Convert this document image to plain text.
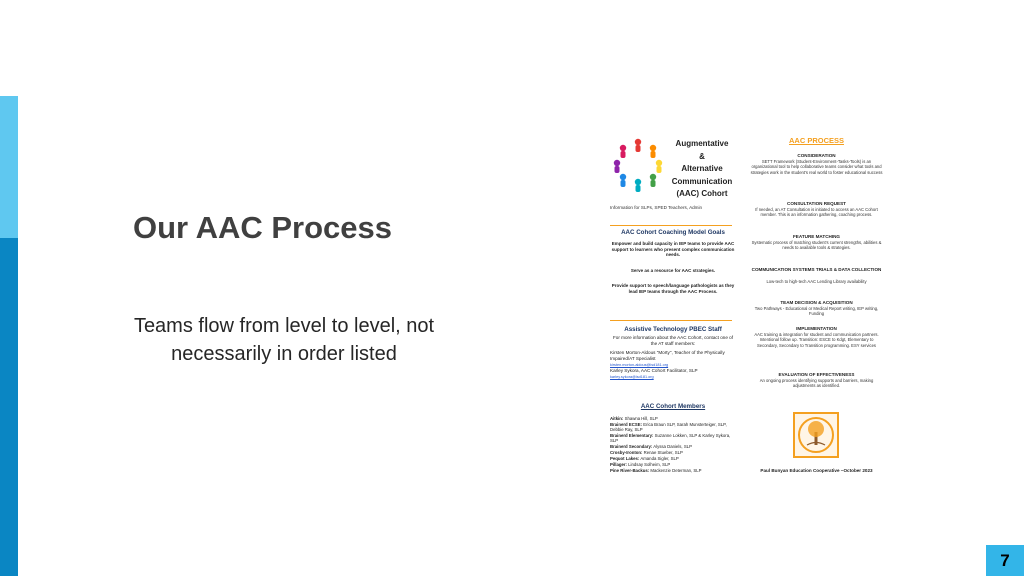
Our AAC Process

Teams flow from level to level, not necessarily in order listed

Augmentative
&
Alternative
Communication
(AAC) Cohort
Information for SLPs, SPED Teachers, Admin
AAC Cohort Coaching Model Goals
Empower and build capacity in IEP teams to provide AAC support to learners who present complex communication needs.
Serve as a resource for AAC strategies.
Provide support to speech/language pathologists as they lead IEP teams through the AAC Process.
Assistive Technology PBEC Staff
For more information about the AAC Cohort, contact one of the AT staff members:
Kirsten Morton-Aldous "Morty", Teacher of the Physically Impaired/AT Specialist
kirsten.morton-aldous@isd181.org
Karley Sykora, AAC Cohort Facilitator, SLP
karley.sykora@isd181.org
AAC Cohort Members
Aitkin: Shawna Hill, SLP
Brainerd ECSE: Erica Braun SLP, Sarah Munsterteiger, SLP, Debbie Ray, SLP
Brainerd Elementary: Suzanne Lokken, SLP & Karley Sykora, SLP
Brainerd Secondary: Alyssa Daniels, SLP
Crosby-Ironton: Renae Stueber, SLP
Pequot Lakes: Amanda Sigler, SLP
Pillager: Lindsay Solheim, SLP
Pine River-Backus: Mackenzie Determan, SLP
AAC PROCESS
CONSIDERATION
SETT Framework (Student-Environment-Tasks-Tools) is an organizational tool to help collaborative teams consider what tools and strategies work in the student's real world to foster educational success
CONSULTATION REQUEST
If needed, an AT Consultation is initiated to access an AAC Cohort member. This is an information gathering, coaching process.
FEATURE MATCHING
Systematic process of matching student's current strengths, abilities & needs to available tools & strategies.
COMMUNICATION SYSTEMS TRIALS & DATA COLLECTION
Low-tech to high-tech AAC Lending Library availability
TEAM DECISION & ACQUISITION
Two Pathways - Educational or Medical Report writing, IEP writing, Funding
IMPLEMENTATION
AAC training & integration for student and communication partners. Intentional follow up. Transition: ESCE to Kdgt, Elementary to Secondary, Secondary to Transition programming. ESY services
EVALUATION OF EFFECTIVENESS
An ongoing process identifying supports and barriers, making adjustments as identified.
Paul Bunyan Education Cooperative ~October 2023
7
